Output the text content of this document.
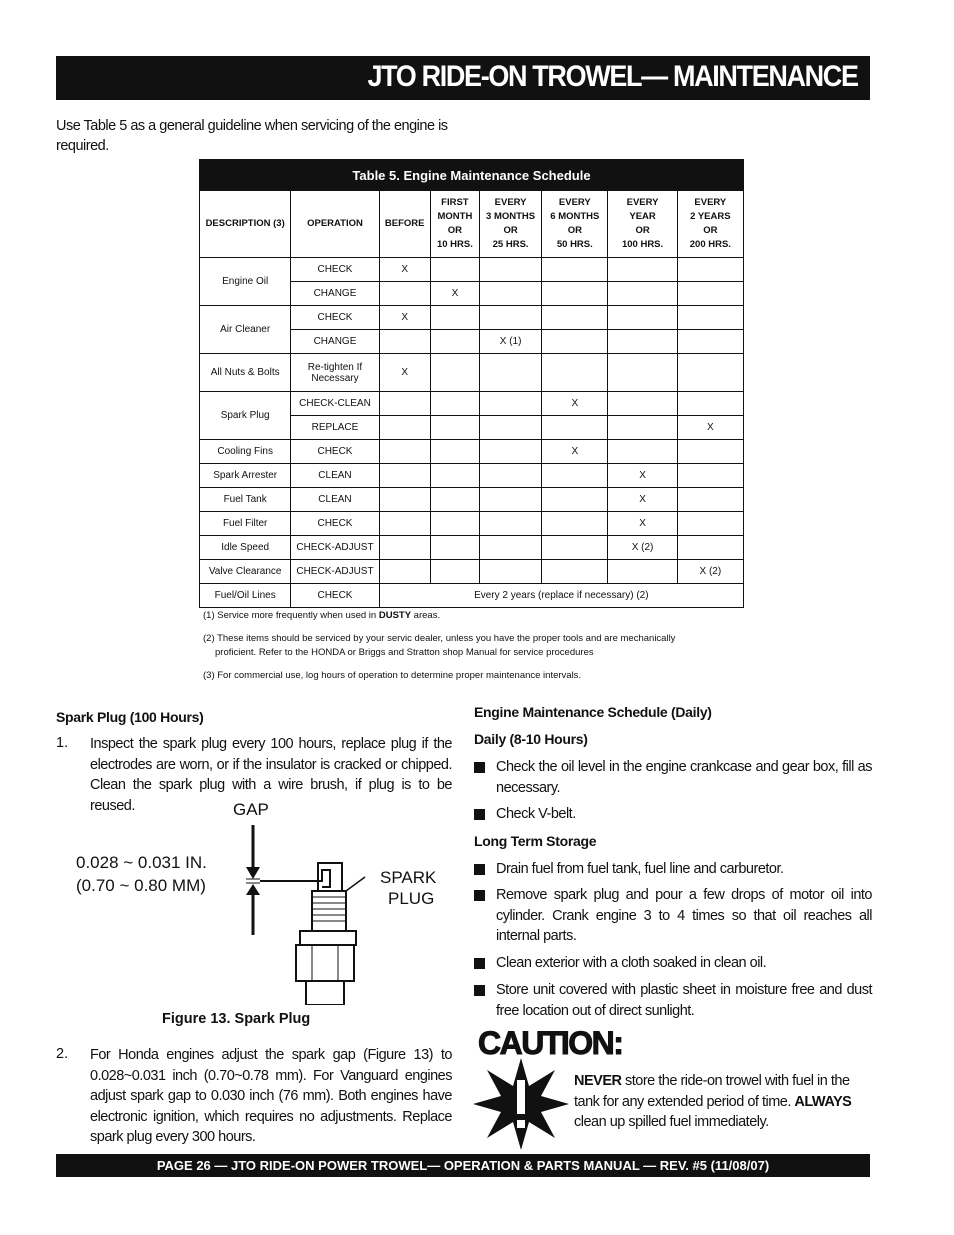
JTO RIDE-ON TROWEL— MAINTENANCE
Use Table 5 as a general guideline when servicing of the engine is required.
Table 5. Engine Maintenance Schedule							
DESCRIPTION (3)	OPERATION	BEFORE	FIRST
MONTH
OR
10 HRS.	EVERY
3 MONTHS
OR
25 HRS.	EVERY
6 MONTHS
OR
50 HRS.	EVERY
YEAR
OR
100 HRS.	EVERY
2 YEARS
OR
200 HRS.
Engine Oil	CHECK	X					
	CHANGE		X				
Air Cleaner	CHECK	X					
	CHANGE			X (1)			
All Nuts & Bolts	Re-tighten If
Necessary	X					
Spark Plug	CHECK-CLEAN				X		
	REPLACE						X
Cooling Fins	CHECK				X		
Spark Arrester	CLEAN					X	
Fuel Tank	CLEAN					X	
Fuel Filter	CHECK					X	
Idle Speed	CHECK-ADJUST					X (2)	
Valve Clearance	CHECK-ADJUST						X (2)
Fuel/Oil Lines	CHECK	Every 2 years (replace if necessary) (2)					

(1) Service more frequently when used in DUSTY areas.

(2) These items should be serviced by your servic dealer, unless you have the proper tools and are mechanically
proficient. Refer to the HONDA or Briggs and Stratton shop Manual for service procedures

(3) For commercial use, log hours of operation to determine proper maintenance intervals.

Spark Plug (100 Hours)
1. Inspect the spark plug every 100 hours, replace plug if the electrodes are worn, or if the insulator is cracked or chipped. Clean the spark plug with a wire brush, if plug is to be reused.	GAP
0.028 ~ 0.031 IN.
(0.70 ~ 0.80 MM)	SPARK
PLUG
Figure 13. Spark Plug
2. For Honda engines adjust the spark gap (Figure 13) to 0.028~0.031 inch (0.70~0.78 mm). For Vanguard engines adjust spark gap to 0.030 inch (76 mm). Both engines have electronic ignition, which requires no adjustments. Replace spark plug every 300 hours.
Engine Maintenance Schedule (Daily)
Daily (8-10 Hours)
Check the oil level in the engine crankcase and gear box, fill as necessary.
Check V-belt.
Long Term Storage
Drain fuel from fuel tank, fuel line and carburetor.
Remove spark plug and pour a few drops of motor oil into cylinder. Crank engine 3 to 4 times so that oil reaches all internal parts.
Clean exterior with a cloth soaked in clean oil.
Store unit covered with plastic sheet in moisture free and dust free location out of direct sunlight.
CAUTION:
NEVER store the ride-on trowel with fuel in the tank for any extended period of time. ALWAYS clean up spilled fuel immediately.
PAGE 26 — JTO RIDE-ON POWER TROWEL— OPERATION & PARTS MANUAL — REV. #5 (11/08/07)
